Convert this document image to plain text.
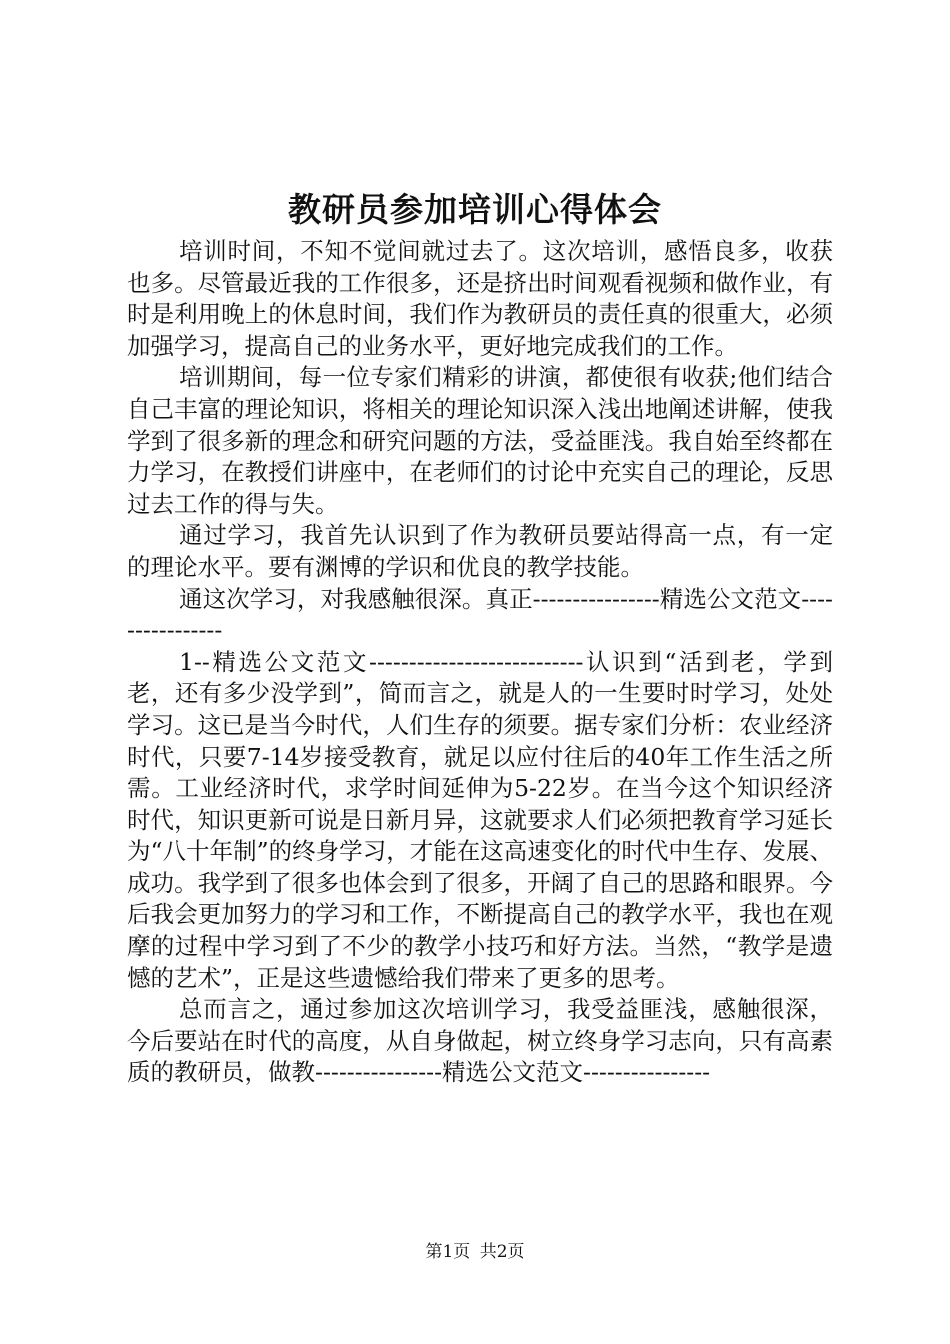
教研员参加培训心得体会

培训时间，不知不觉间就过去了。这次培训，感悟良多，收获也多。尽管最近我的工作很多，还是挤出时间观看视频和做作业，有时是利用晚上的休息时间，我们作为教研员的责任真的很重大，必须加强学习，提高自己的业务水平，更好地完成我们的工作。

培训期间，每一位专家们精彩的讲演，都使很有收获;他们结合自己丰富的理论知识，将相关的理论知识深入浅出地阐述讲解，使我学到了很多新的理念和研究问题的方法，受益匪浅。我自始至终都在力学习，在教授们讲座中，在老师们的讨论中充实自己的理论，反思过去工作的得与失。

通过学习，我首先认识到了作为教研员要站得高一点，有一定的理论水平。要有渊博的学识和优良的教学技能。

通这次学习，对我感触很深。真正----------------精选公文范文----------------

1--精选公文范文---------------------------认识到“活到老，学到老，还有多少没学到”，简而言之，就是人的一生要时时学习，处处学习。这已是当今时代，人们生存的须要。据专家们分析：农业经济时代，只要7-14岁接受教育，就足以应付往后的40年工作生活之所需。工业经济时代，求学时间延伸为5-22岁。在当今这个知识经济时代，知识更新可说是日新月异，这就要求人们必须把教育学习延长为“八十年制”的终身学习，才能在这高速变化的时代中生存、发展、成功。我学到了很多也体会到了很多，开阔了自己的思路和眼界。今后我会更加努力的学习和工作，不断提高自己的教学水平，我也在观摩的过程中学习到了不少的教学小技巧和好方法。当然，“教学是遗憾的艺术”，正是这些遗憾给我们带来了更多的思考。

总而言之，通过参加这次培训学习，我受益匪浅，感触很深，今后要站在时代的高度，从自身做起，树立终身学习志向，只有高素质的教研员，做教----------------精选公文范文----------------

第1页 共2页
